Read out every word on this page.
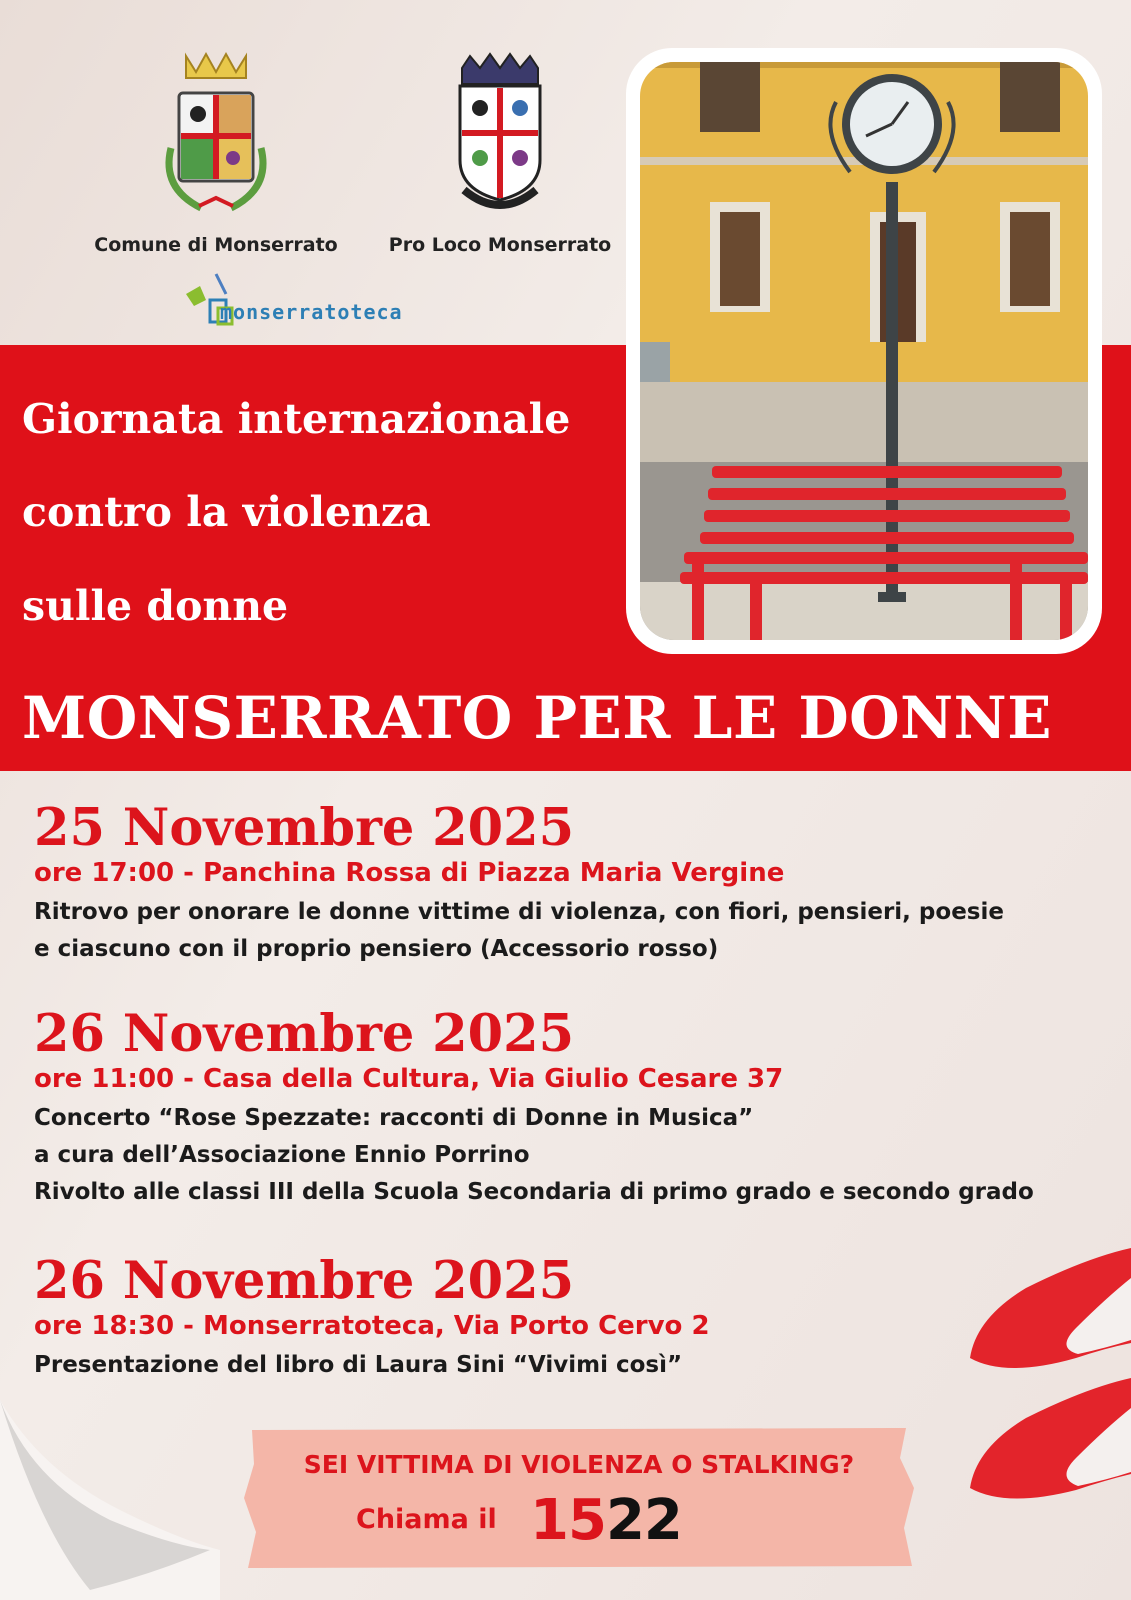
Comune di Monserrato	Pro Loco Monserrato
monserratoteca
Giornata internazionale
contro la violenza
sulle donne
MONSERRATO PER LE DONNE
25 Novembre 2025
ore 17:00 - Panchina Rossa di Piazza Maria Vergine
Ritrovo per onorare le donne vittime di violenza, con fiori, pensieri, poesie
e ciascuno con il proprio pensiero (Accessorio rosso)
26 Novembre 2025
ore 11:00 - Casa della Cultura, Via Giulio Cesare 37
Concerto “Rose Spezzate: racconti di Donne in Musica”
a cura dell’Associazione Ennio Porrino
Rivolto alle classi III della Scuola Secondaria di primo grado e secondo grado
26 Novembre 2025
ore 18:30 - Monserratoteca, Via Porto Cervo 2
Presentazione del libro di Laura Sini “Vivimi così”
SEI VITTIMA DI VIOLENZA O STALKING?
Chiama il 1522
